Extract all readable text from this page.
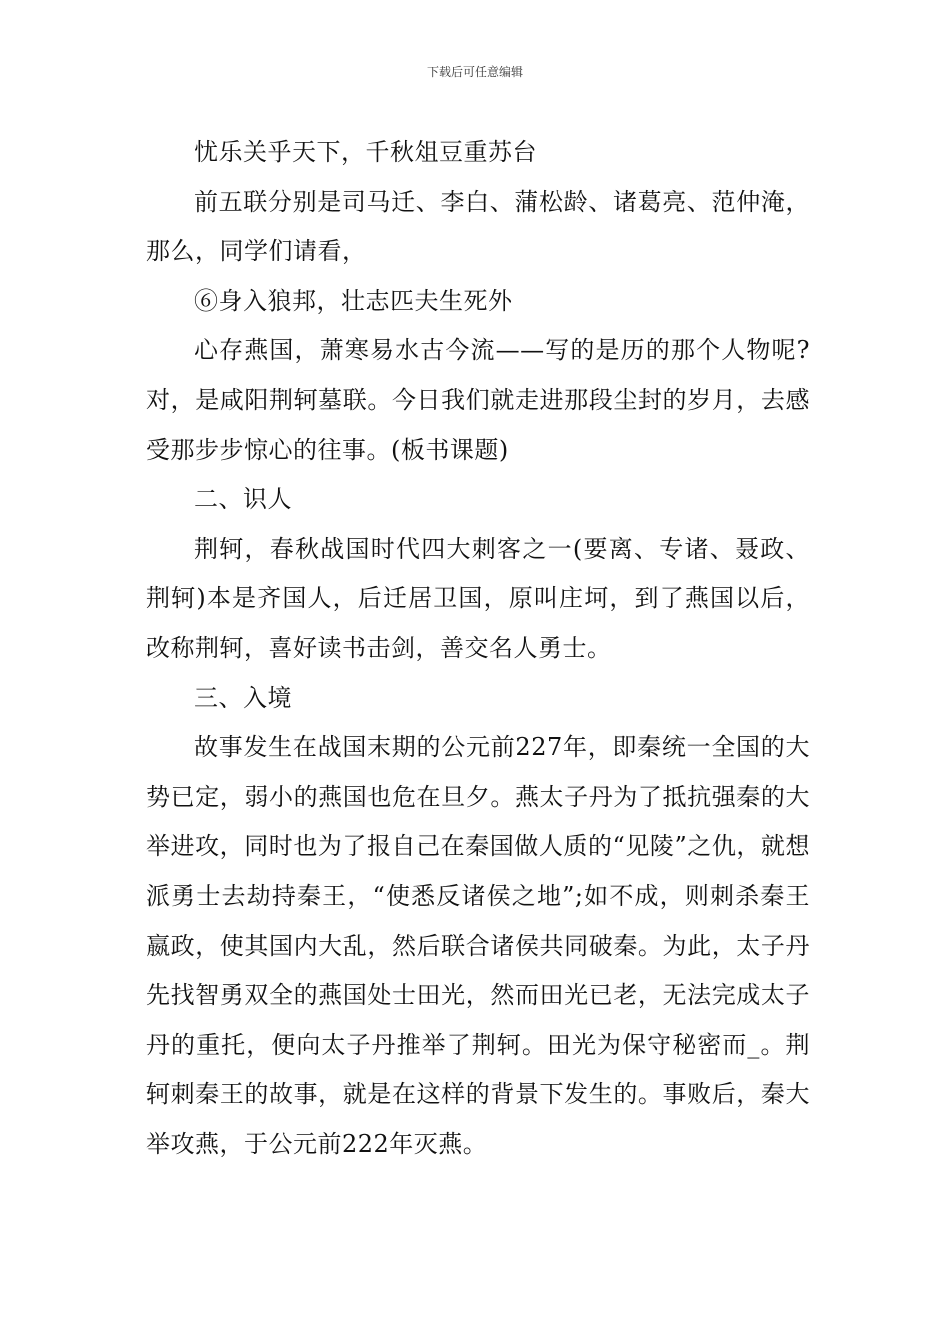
下载后可任意编辑

忧乐关乎天下，千秋俎豆重苏台

前五联分别是司马迁、李白、蒲松龄、诸葛亮、范仲淹，那么，同学们请看，

⑥身入狼邦，壮志匹夫生死外

心存燕国，萧寒易水古今流——写的是历的那个人物呢?对，是咸阳荆轲墓联。今日我们就走进那段尘封的岁月，去感受那步步惊心的往事。(板书课题)

二、识人

荆轲，春秋战国时代四大刺客之一(要离、专诸、聂政、荆轲)本是齐国人，后迁居卫国，原叫庄坷，到了燕国以后，改称荆轲，喜好读书击剑，善交名人勇士。

三、入境

故事发生在战国末期的公元前227年，即秦统一全国的大势已定，弱小的燕国也危在旦夕。燕太子丹为了抵抗强秦的大举进攻，同时也为了报自己在秦国做人质的“见陵”之仇，就想派勇士去劫持秦王，“使悉反诸侯之地”;如不成，则刺杀秦王嬴政，使其国内大乱，然后联合诸侯共同破秦。为此，太子丹先找智勇双全的燕国处士田光，然而田光已老，无法完成太子丹的重托，便向太子丹推举了荆轲。田光为保守秘密而_。荆轲刺秦王的故事，就是在这样的背景下发生的。事败后，秦大举攻燕，于公元前222年灭燕。
